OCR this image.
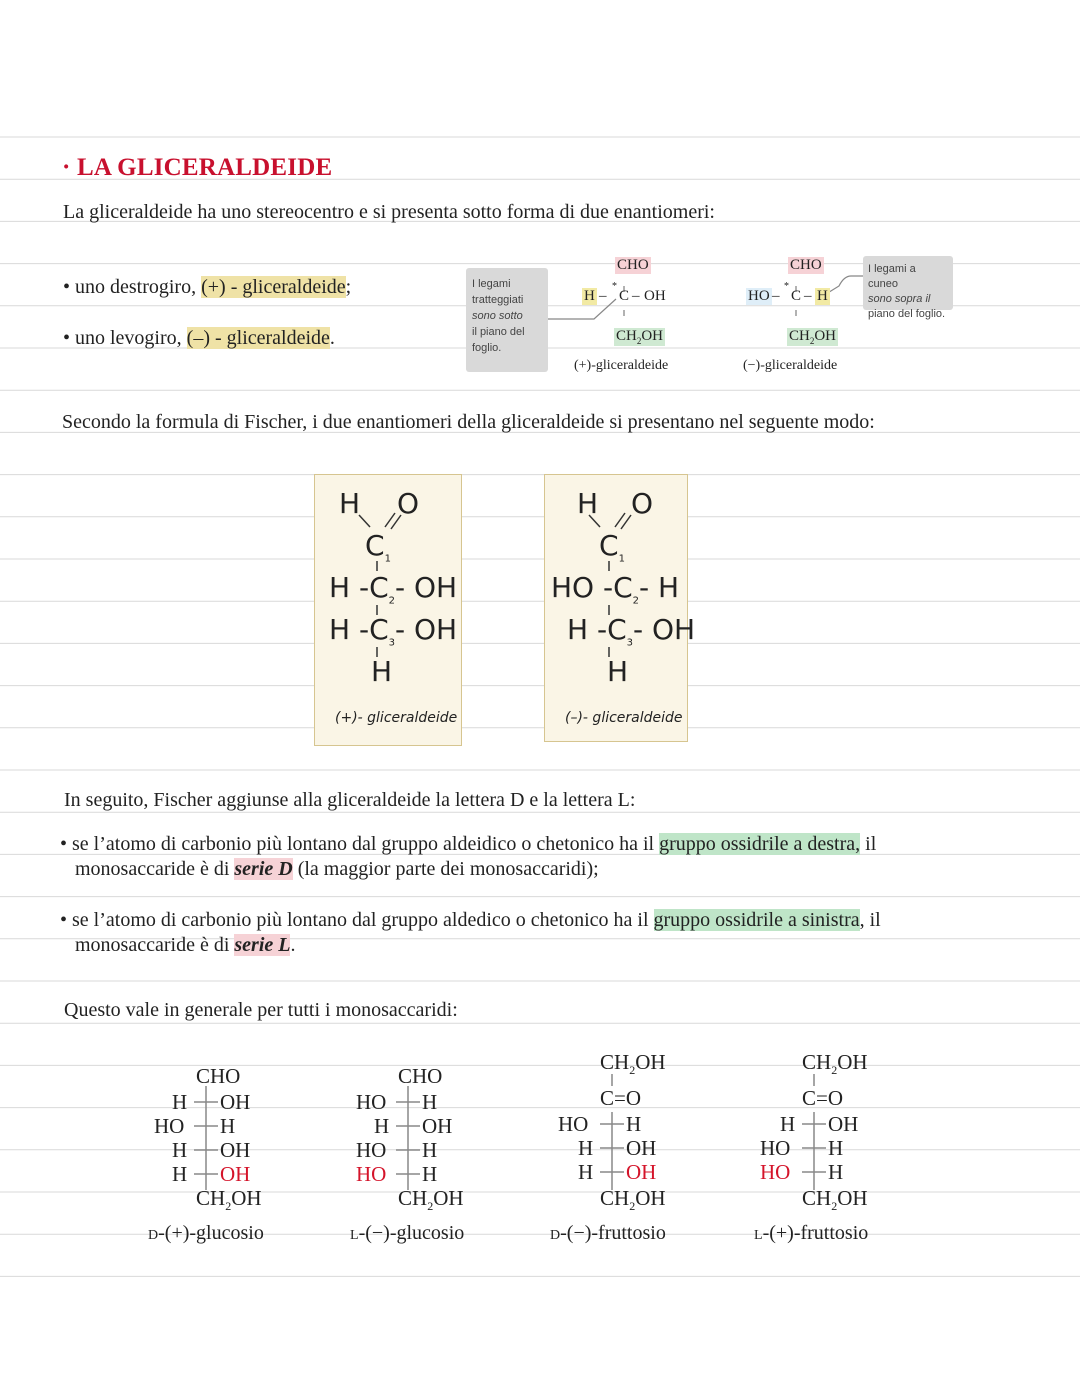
· LA GLICERALDEIDE
La gliceraldeide ha uno stereocentro e si presenta sotto forma di due enantiomeri:
• uno destrogiro, (+) - gliceraldeide;
• uno levogiro, (–) - gliceraldeide.
I legami
tratteggiati
sono sotto
il piano del
foglio.
CHO
H –
*
C – OH
$CH_2OH$
(+)-gliceraldeide
CHO
HO –
*
C – H
$CH_2OH$
(−)-gliceraldeide
I legami a cuneo
sono sopra il
piano del foglio.
Secondo la formula di Fischer, i due enantiomeri della gliceraldeide si presentano nel seguente modo:
H O
$C_1$
H $-C_2-$ OH
H $-C_3-$ OH
H
(+)- gliceraldeide
H O
$C_1$
HO $-C_2-$ H
H $-C_3-$ OH
H
(–)- gliceraldeide
In seguito, Fischer aggiunse alla gliceraldeide la lettera D e la lettera L:
• se l’atomo di carbonio più lontano dal gruppo aldeidico o chetonico ha il gruppo ossidrile a destra, il
monosaccaride è di serie D (la maggior parte dei monosaccaridi);
• se l’atomo di carbonio più lontano dal gruppo aldedico o chetonico ha il gruppo ossidrile a sinistra, il
monosaccaride è di serie L.
Questo vale in generale per tutti i monosaccaridi:
CHO
H OH
HO H
H OH
H OH
$CH_2OH$
d-(+)-glucosio
CHO
HO H
H OH
HO H
HO H
$CH_2OH$
l-(−)-glucosio
$CH_2OH$
C=O
HO H
H OH
H OH
$CH_2OH$
d-(−)-fruttosio
$CH_2OH$
C=O
H OH
HO H
HO H
$CH_2OH$
l-(+)-fruttosio
